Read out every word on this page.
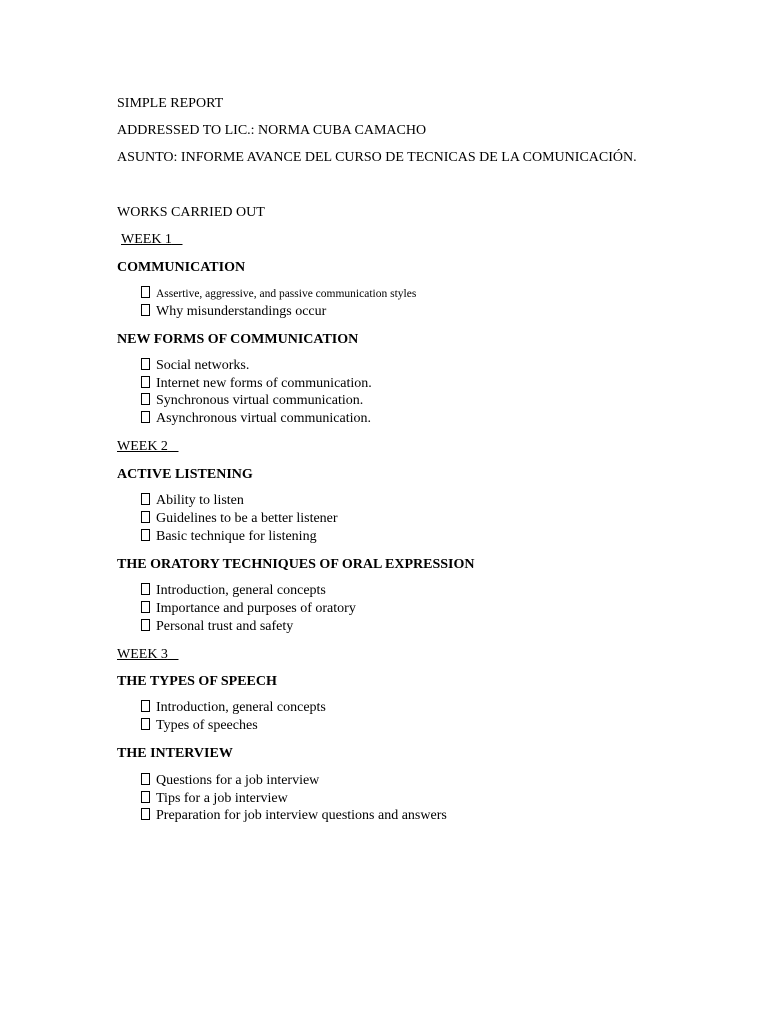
SIMPLE REPORT
ADDRESSED TO LIC.: NORMA CUBA CAMACHO
ASUNTO: INFORME AVANCE DEL CURSO DE TECNICAS DE LA COMUNICACIÓN.
WORKS CARRIED OUT
WEEK 1
COMMUNICATION
Assertive, aggressive, and passive communication styles
Why misunderstandings occur
NEW FORMS OF COMMUNICATION
Social networks.
Internet new forms of communication.
Synchronous virtual communication.
Asynchronous virtual communication.
WEEK 2
ACTIVE LISTENING
Ability to listen
Guidelines to be a better listener
Basic technique for listening
THE ORATORY TECHNIQUES OF ORAL EXPRESSION
Introduction, general concepts
Importance and purposes of oratory
Personal trust and safety
WEEK 3
THE TYPES OF SPEECH
Introduction, general concepts
Types of speeches
THE INTERVIEW
Questions for a job interview
Tips for a job interview
Preparation for job interview questions and answers
